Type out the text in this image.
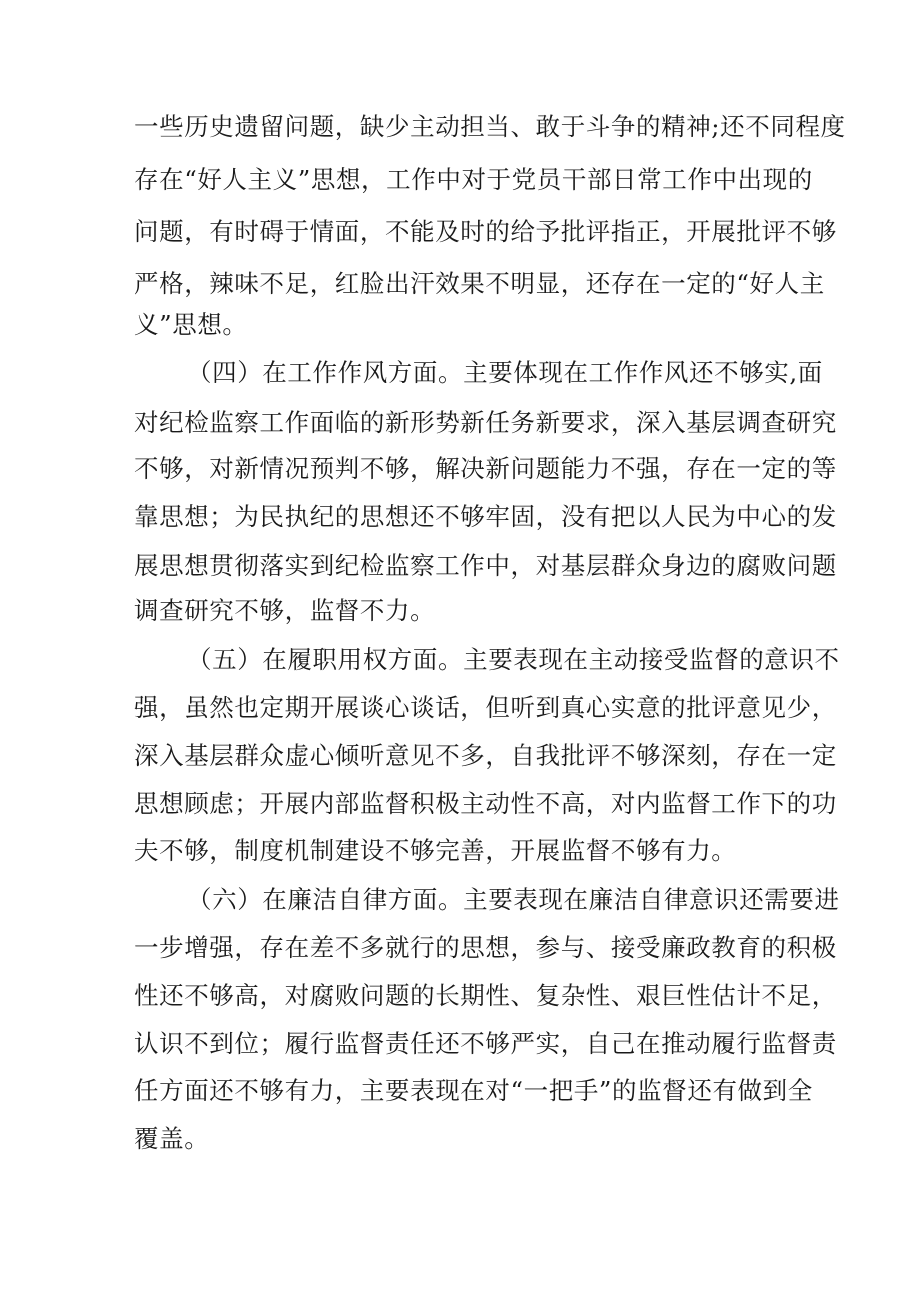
一些历史遗留问题，缺少主动担当、敢于斗争的精神;还不同程度
存在“好人主义”思想，工作中对于党员干部日常工作中出现的
问题，有时碍于情面，不能及时的给予批评指正，开展批评不够
严格，辣味不足，红脸出汗效果不明显，还存在一定的“好人主
义”思想。
（四）在工作作风方面。主要体现在工作作风还不够实,面
对纪检监察工作面临的新形势新任务新要求，深入基层调查研究
不够，对新情况预判不够，解决新问题能力不强，存在一定的等
靠思想；为民执纪的思想还不够牢固，没有把以人民为中心的发
展思想贯彻落实到纪检监察工作中，对基层群众身边的腐败问题
调查研究不够，监督不力。
（五）在履职用权方面。主要表现在主动接受监督的意识不
强，虽然也定期开展谈心谈话，但听到真心实意的批评意见少，
深入基层群众虚心倾听意见不多，自我批评不够深刻，存在一定
思想顾虑；开展内部监督积极主动性不高，对内监督工作下的功
夫不够，制度机制建设不够完善，开展监督不够有力。
（六）在廉洁自律方面。主要表现在廉洁自律意识还需要进
一步增强，存在差不多就行的思想，参与、接受廉政教育的积极
性还不够高，对腐败问题的长期性、复杂性、艰巨性估计不足，
认识不到位；履行监督责任还不够严实，自己在推动履行监督责
任方面还不够有力，主要表现在对“一把手”的监督还有做到全
覆盖。
